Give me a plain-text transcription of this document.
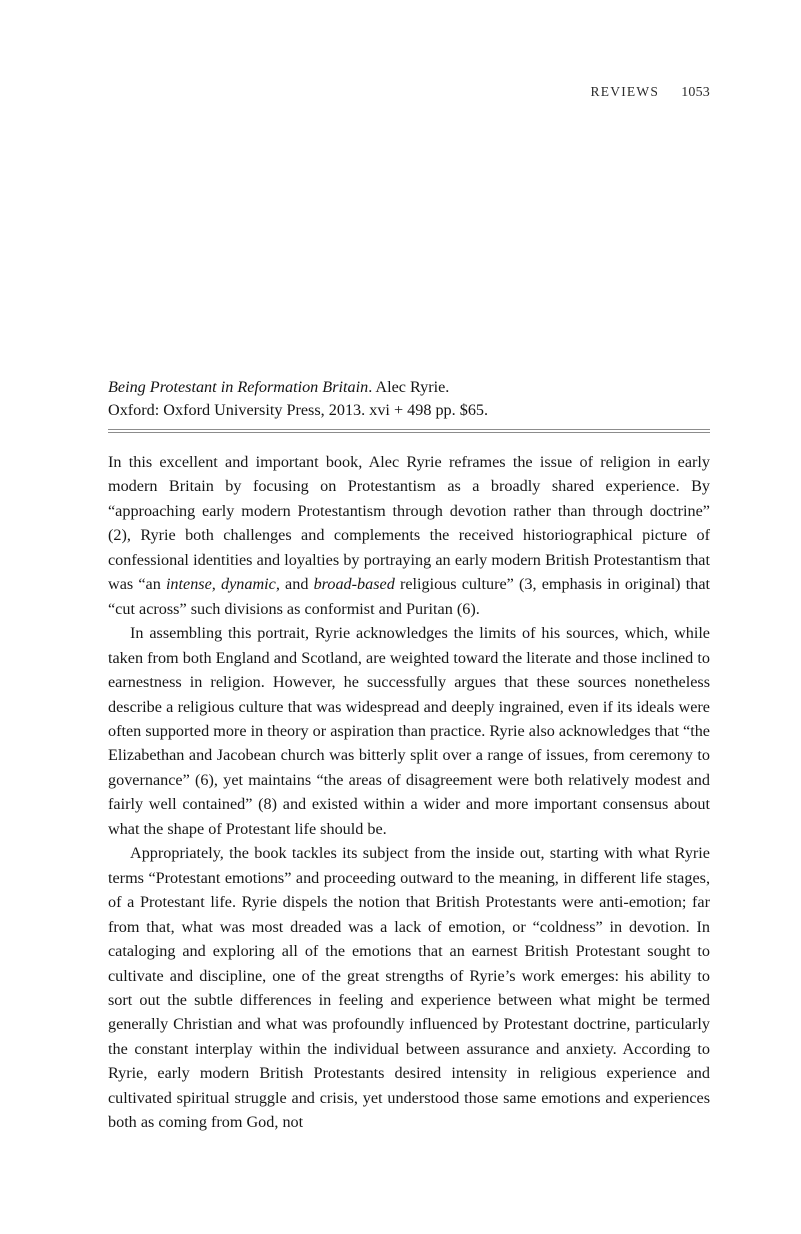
REVIEWS 1053
Being Protestant in Reformation Britain. Alec Ryrie.
Oxford: Oxford University Press, 2013. xvi + 498 pp. $65.

In this excellent and important book, Alec Ryrie reframes the issue of religion in early modern Britain by focusing on Protestantism as a broadly shared experience. By “approaching early modern Protestantism through devotion rather than through doctrine” (2), Ryrie both challenges and complements the received historiographical picture of confessional identities and loyalties by portraying an early modern British Protestantism that was “an intense, dynamic, and broad-based religious culture” (3, emphasis in original) that “cut across” such divisions as conformist and Puritan (6).

In assembling this portrait, Ryrie acknowledges the limits of his sources, which, while taken from both England and Scotland, are weighted toward the literate and those inclined to earnestness in religion. However, he successfully argues that these sources nonetheless describe a religious culture that was widespread and deeply ingrained, even if its ideals were often supported more in theory or aspiration than practice. Ryrie also acknowledges that “the Elizabethan and Jacobean church was bitterly split over a range of issues, from ceremony to governance” (6), yet maintains “the areas of disagreement were both relatively modest and fairly well contained” (8) and existed within a wider and more important consensus about what the shape of Protestant life should be.

Appropriately, the book tackles its subject from the inside out, starting with what Ryrie terms “Protestant emotions” and proceeding outward to the meaning, in different life stages, of a Protestant life. Ryrie dispels the notion that British Protestants were anti-emotion; far from that, what was most dreaded was a lack of emotion, or “coldness” in devotion. In cataloging and exploring all of the emotions that an earnest British Protestant sought to cultivate and discipline, one of the great strengths of Ryrie’s work emerges: his ability to sort out the subtle differences in feeling and experience between what might be termed generally Christian and what was profoundly influenced by Protestant doctrine, particularly the constant interplay within the individual between assurance and anxiety. According to Ryrie, early modern British Protestants desired intensity in religious experience and cultivated spiritual struggle and crisis, yet understood those same emotions and experiences both as coming from God, not
